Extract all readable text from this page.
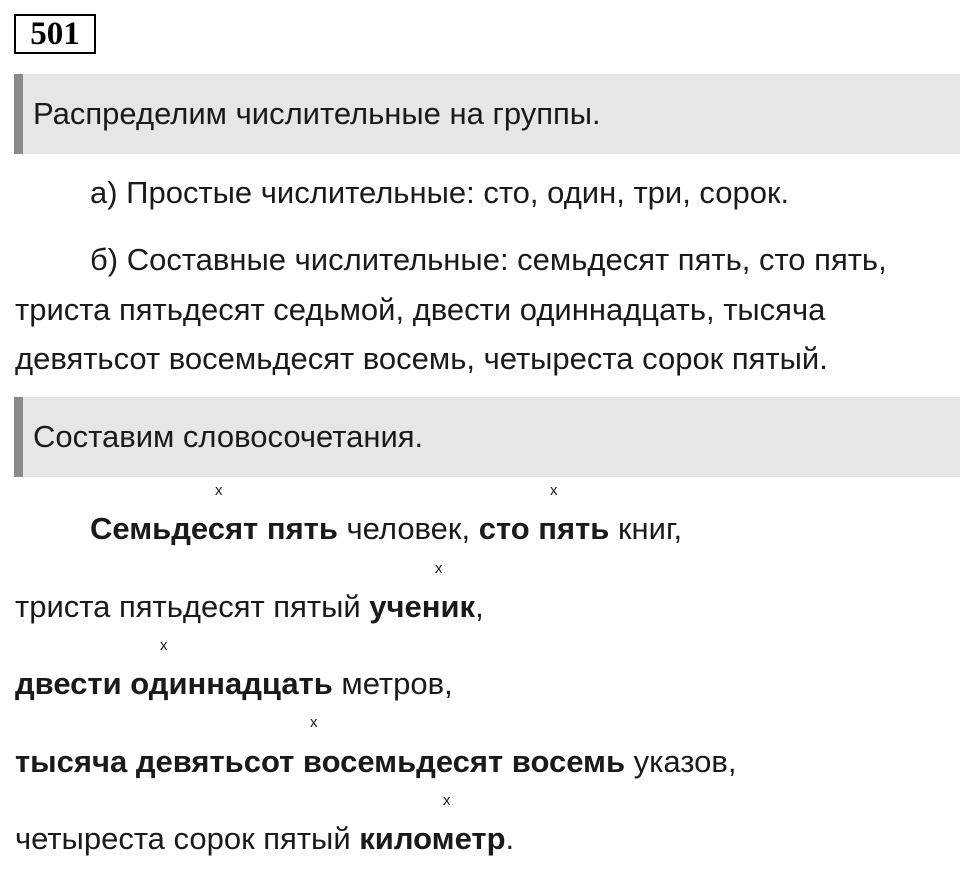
501
Распределим числительные на группы.
а) Простые числительные: сто, один, три, сорок.
б) Составные числительные: семьдесят пять, сто пять,
триста пятьдесят седьмой, двести одиннадцать, тысяча
девятьсот восемьдесят восемь, четыреста сорок пятый.
Составим словосочетания.
x	x
Семьдесят пять человек, сто пять книг,
x
триста пятьдесят пятый ученик,
x
двести одиннадцать метров,
x
тысяча девятьсот восемьдесят восемь указов,
x
четыреста сорок пятый километр.
